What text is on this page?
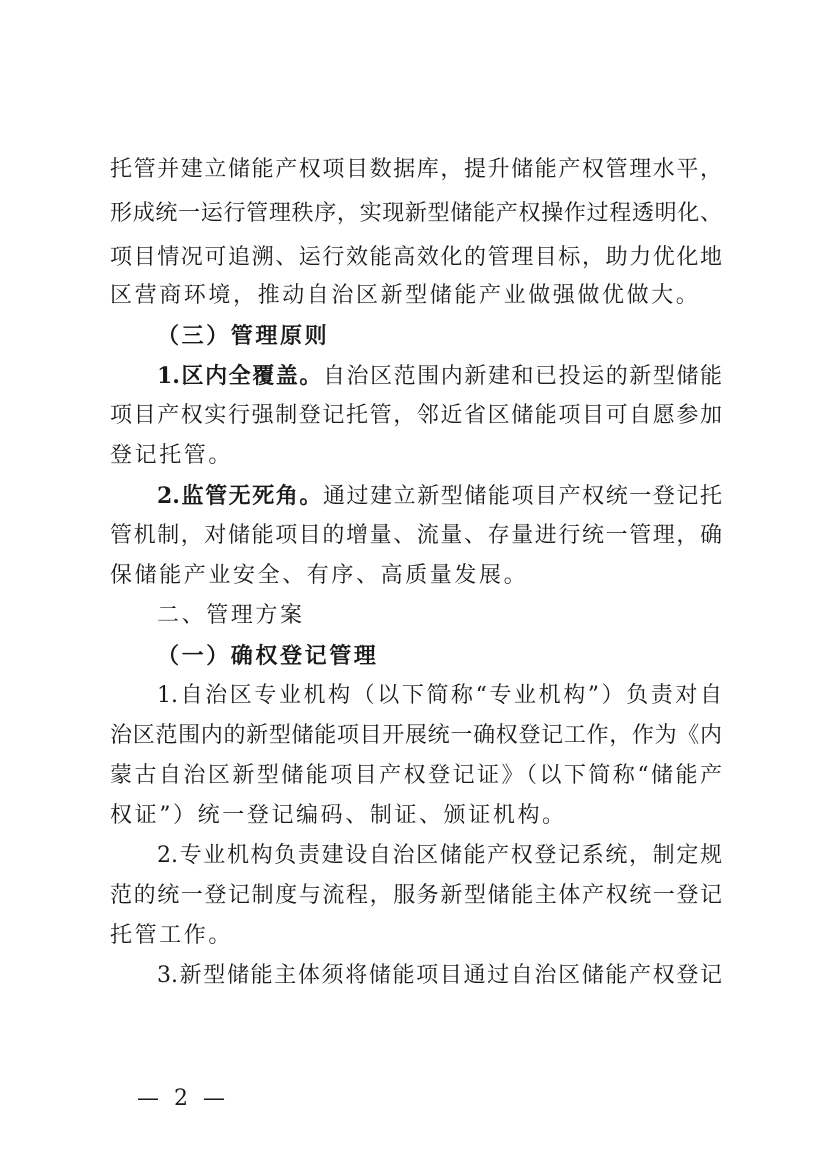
托管并建立储能产权项目数据库，提升储能产权管理水平，
形成统一运行管理秩序，实现新型储能产权操作过程透明化、
项目情况可追溯、运行效能高效化的管理目标，助力优化地
区营商环境，推动自治区新型储能产业做强做优做大。
（三）管理原则
1.区内全覆盖。自治区范围内新建和已投运的新型储能
项目产权实行强制登记托管，邻近省区储能项目可自愿参加
登记托管。
2.监管无死角。通过建立新型储能项目产权统一登记托
管机制，对储能项目的增量、流量、存量进行统一管理，确
保储能产业安全、有序、高质量发展。
二、管理方案
（一）确权登记管理
1.自治区专业机构（以下简称“专业机构”）负责对自
治区范围内的新型储能项目开展统一确权登记工作，作为《内
蒙古自治区新型储能项目产权登记证》（以下简称“储能产
权证”）统一登记编码、制证、颁证机构。
2.专业机构负责建设自治区储能产权登记系统，制定规
范的统一登记制度与流程，服务新型储能主体产权统一登记
托管工作。
3.新型储能主体须将储能项目通过自治区储能产权登记
— 2 —
